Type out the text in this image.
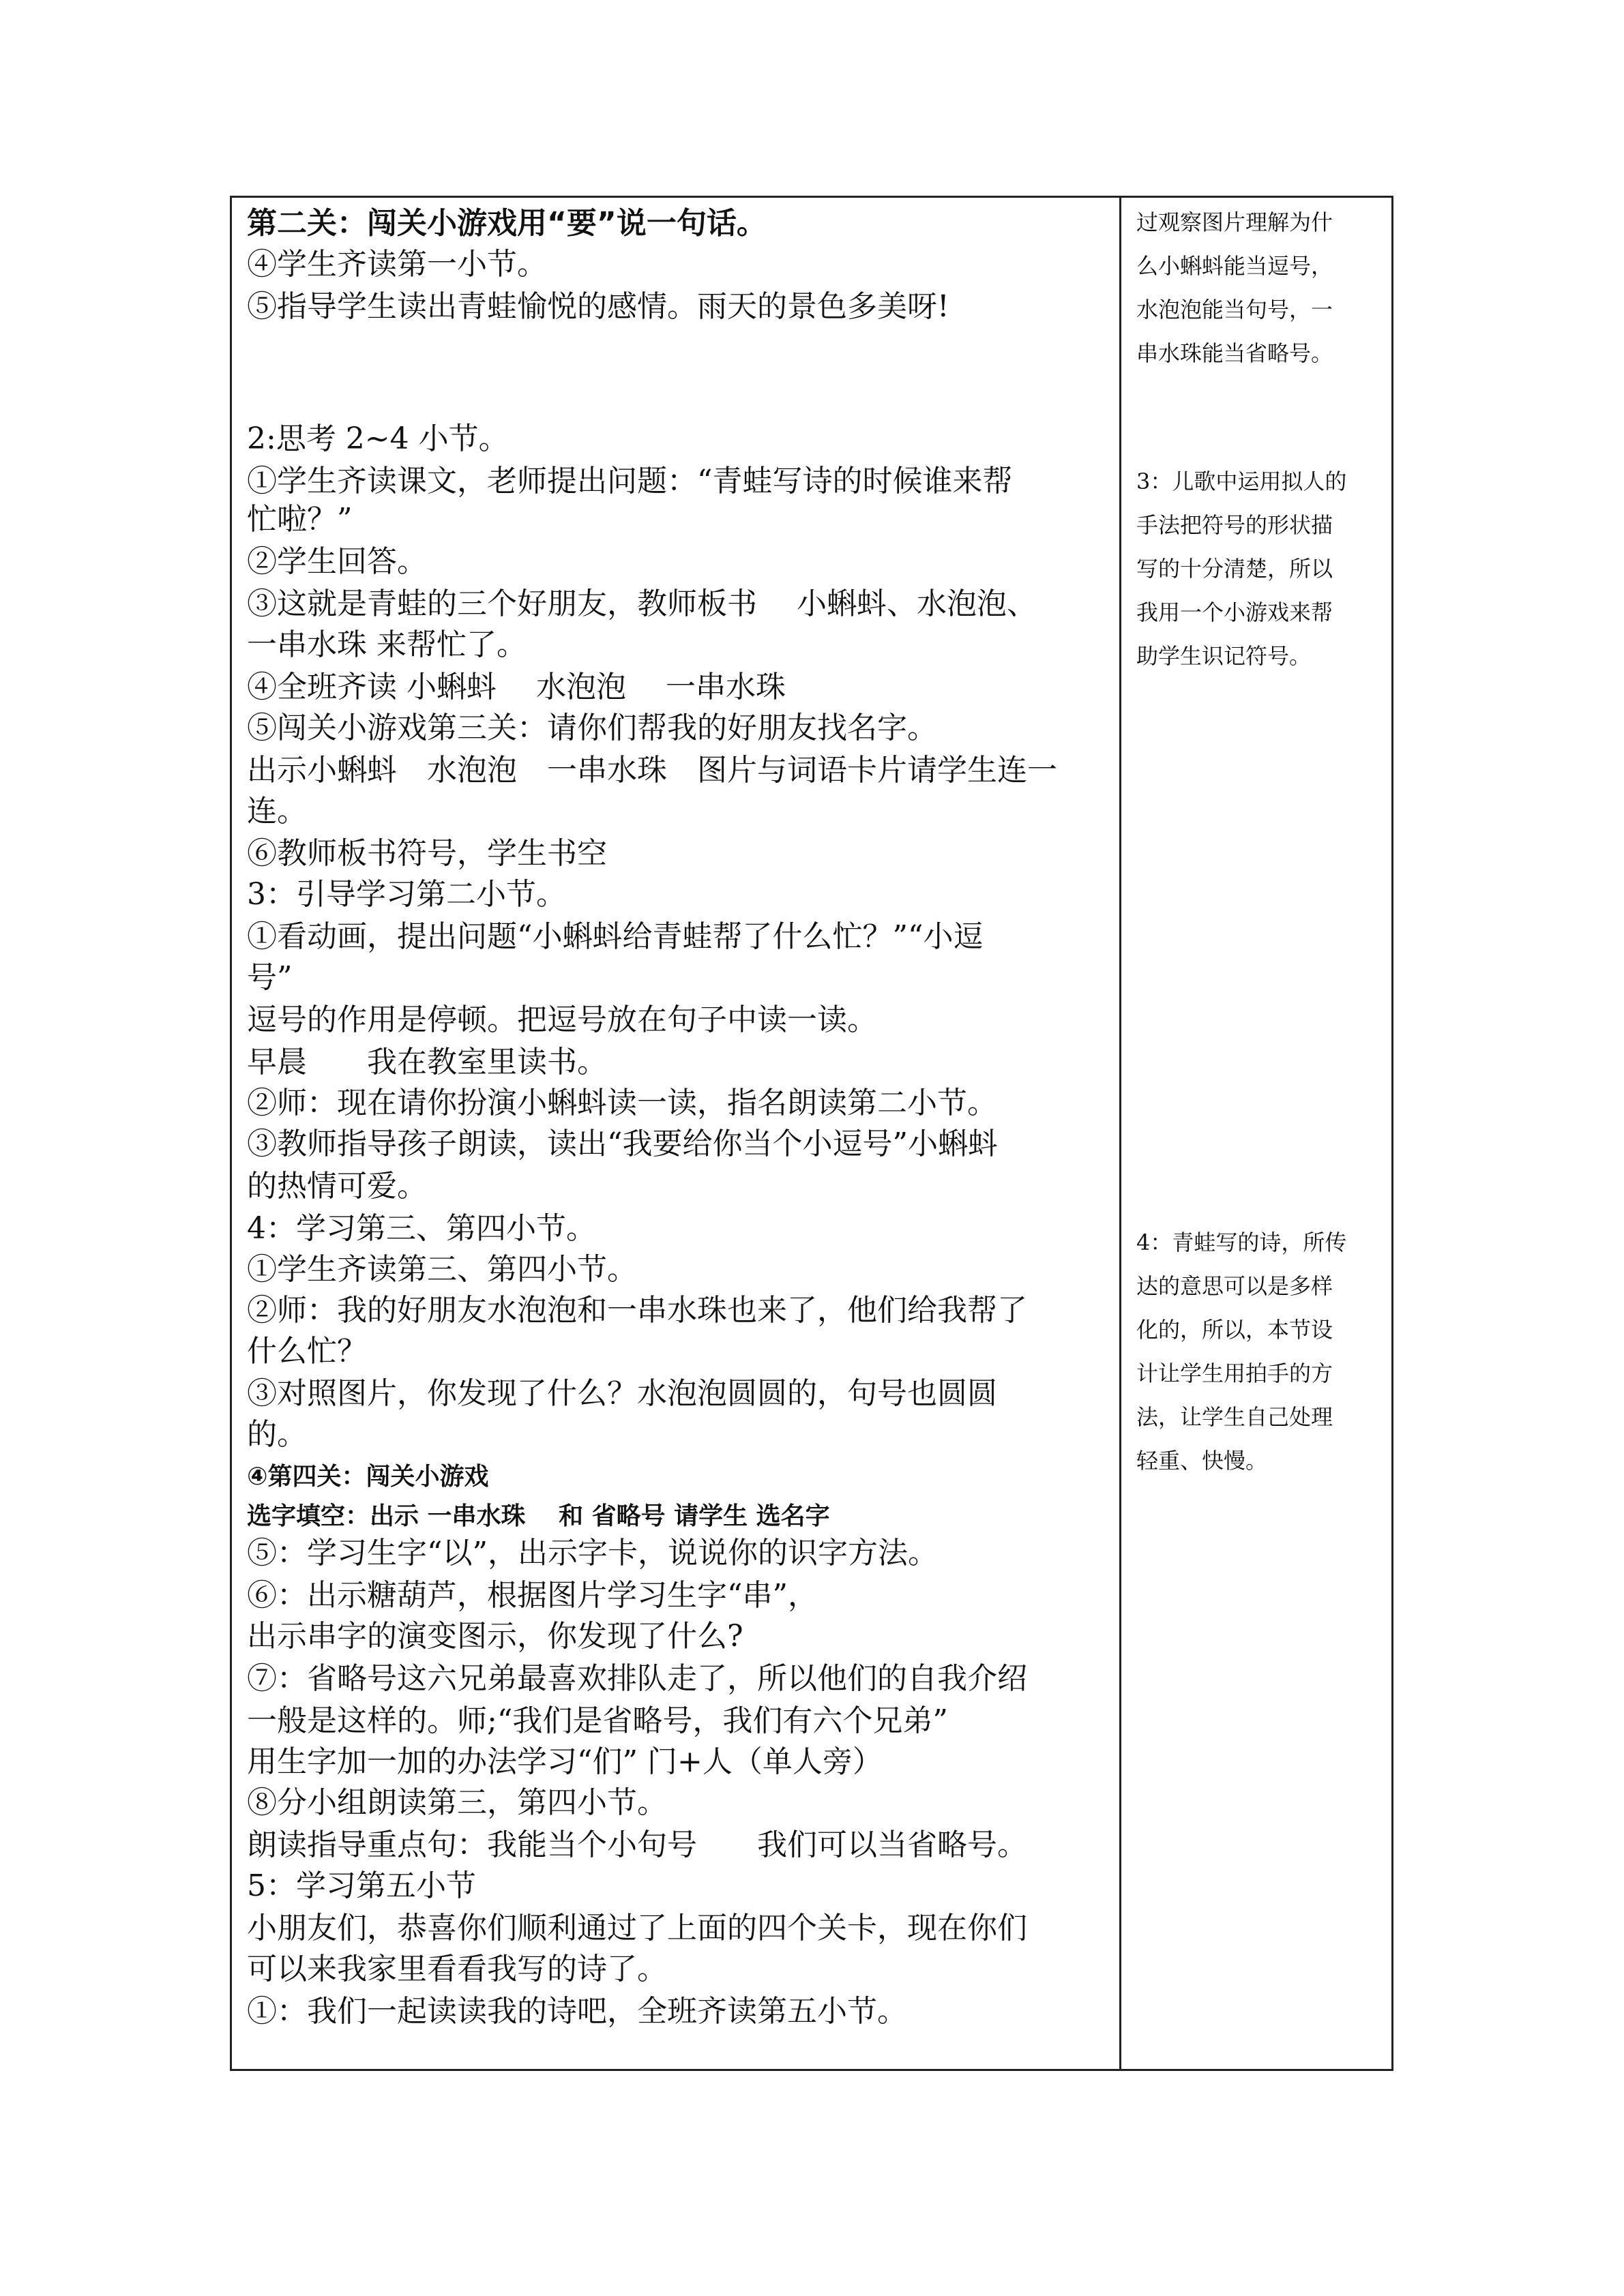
第二关：闯关小游戏用“要”说一句话。
④学生齐读第一小节。
⑤指导学生读出青蛙愉悦的感情。雨天的景色多美呀!
2:思考 2~4 小节。
①学生齐读课文，老师提出问题：“青蛙写诗的时候谁来帮
忙啦？”
②学生回答。
③这就是青蛙的三个好朋友，教师板书　 小蝌蚪、水泡泡、
一串水珠 来帮忙了。
④全班齐读 小蝌蚪　 水泡泡　 一串水珠
⑤闯关小游戏第三关：请你们帮我的好朋友找名字。
出示小蝌蚪　水泡泡　一串水珠　图片与词语卡片请学生连一
连。
⑥教师板书符号，学生书空
3：引导学习第二小节。
①看动画，提出问题“小蝌蚪给青蛙帮了什么忙？”“小逗
号”
逗号的作用是停顿。把逗号放在句子中读一读。
早晨　　我在教室里读书。
②师：现在请你扮演小蝌蚪读一读，指名朗读第二小节。
③教师指导孩子朗读，读出“我要给你当个小逗号”小蝌蚪
的热情可爱。
4：学习第三、第四小节。
①学生齐读第三、第四小节。
②师：我的好朋友水泡泡和一串水珠也来了，他们给我帮了
什么忙？
③对照图片，你发现了什么？水泡泡圆圆的，句号也圆圆
的。
④第四关：闯关小游戏
选字填空：出示 一串水珠　 和 省略号 请学生 选名字
⑤：学习生字“以”，出示字卡，说说你的识字方法。
⑥：出示糖葫芦，根据图片学习生字“串”，
出示串字的演变图示，你发现了什么?
⑦：省略号这六兄弟最喜欢排队走了，所以他们的自我介绍
一般是这样的。师;“我们是省略号，我们有六个兄弟”
用生字加一加的办法学习“们” 门+人（单人旁）
⑧分小组朗读第三，第四小节。
朗读指导重点句：我能当个小句号　　我们可以当省略号。
5：学习第五小节
小朋友们，恭喜你们顺利通过了上面的四个关卡，现在你们
可以来我家里看看我写的诗了。
①：我们一起读读我的诗吧，全班齐读第五小节。
过观察图片理解为什
么小蝌蚪能当逗号，
水泡泡能当句号，一
串水珠能当省略号。
3：儿歌中运用拟人的
手法把符号的形状描
写的十分清楚，所以
我用一个小游戏来帮
助学生识记符号。
4：青蛙写的诗，所传
达的意思可以是多样
化的，所以，本节设
计让学生用拍手的方
法，让学生自己处理
轻重、快慢。
